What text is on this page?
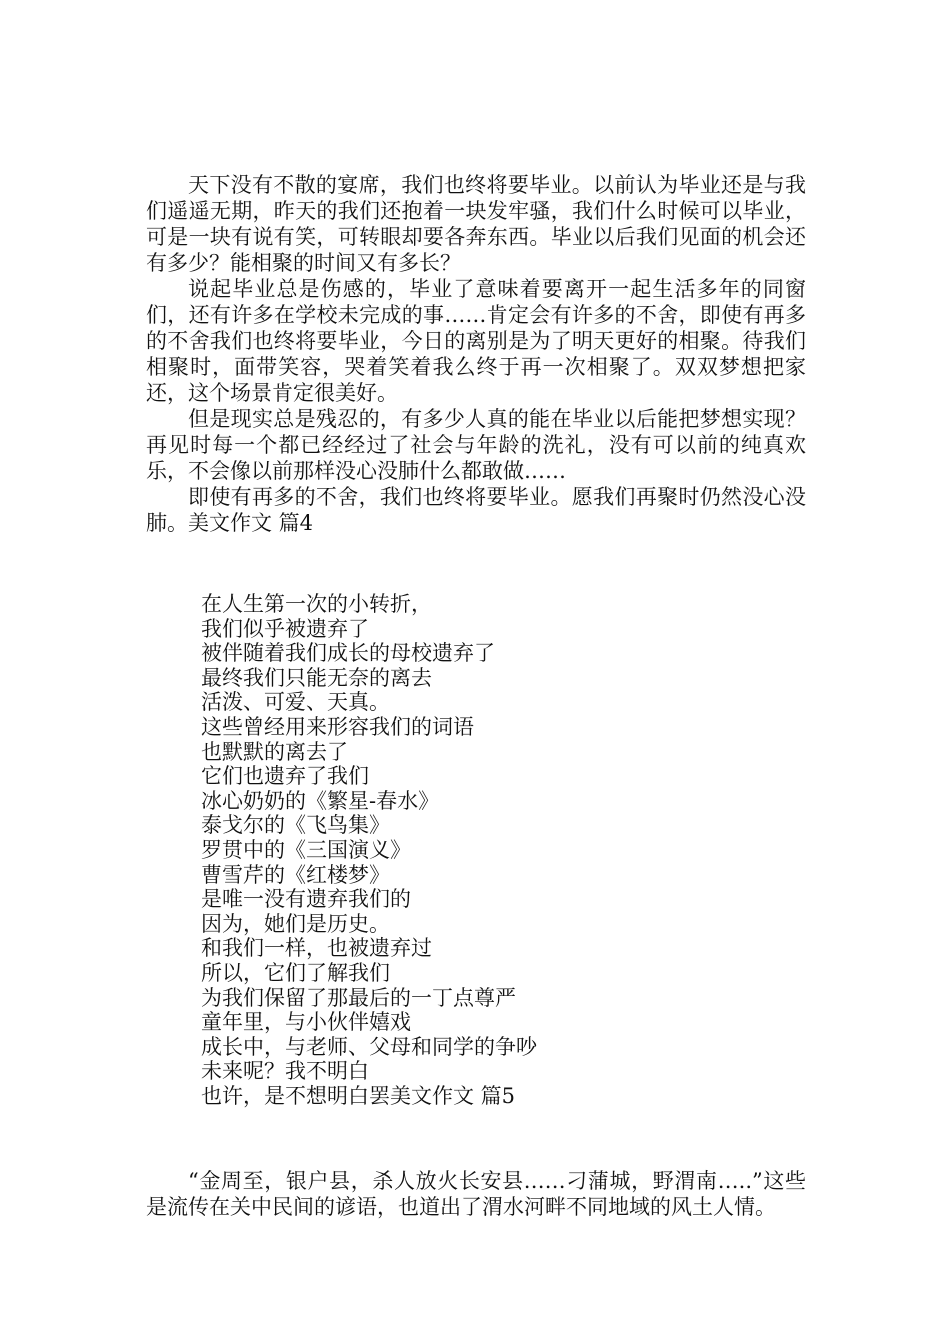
天下没有不散的宴席，我们也终将要毕业。以前认为毕业还是与我们遥遥无期，昨天的我们还抱着一块发牢骚，我们什么时候可以毕业，可是一块有说有笑，可转眼却要各奔东西。毕业以后我们见面的机会还有多少？能相聚的时间又有多长？

说起毕业总是伤感的，毕业了意味着要离开一起生活多年的同窗们，还有许多在学校未完成的事……肯定会有许多的不舍，即使有再多的不舍我们也终将要毕业，今日的离别是为了明天更好的相聚。待我们相聚时，面带笑容，哭着笑着我么终于再一次相聚了。双双梦想把家还，这个场景肯定很美好。

但是现实总是残忍的，有多少人真的能在毕业以后能把梦想实现？再见时每一个都已经经过了社会与年龄的洗礼，没有可以前的纯真欢乐，不会像以前那样没心没肺什么都敢做……

即使有再多的不舍，我们也终将要毕业。愿我们再聚时仍然没心没肺。美文作文 篇4

在人生第一次的小转折，
我们似乎被遗弃了
被伴随着我们成长的母校遗弃了
最终我们只能无奈的离去
活泼、可爱、天真。
这些曾经用来形容我们的词语
也默默的离去了
它们也遗弃了我们
冰心奶奶的《繁星-春水》
泰戈尔的《飞鸟集》
罗贯中的《三国演义》
曹雪芹的《红楼梦》
是唯一没有遗弃我们的
因为，她们是历史。
和我们一样，也被遗弃过
所以，它们了解我们
为我们保留了那最后的一丁点尊严
童年里，与小伙伴嬉戏
成长中，与老师、父母和同学的争吵
未来呢？我不明白
也许，是不想明白罢美文作文 篇5

“金周至，银户县，杀人放火长安县……刁蒲城，野渭南…..”这些是流传在关中民间的谚语，也道出了渭水河畔不同地域的风土人情。
